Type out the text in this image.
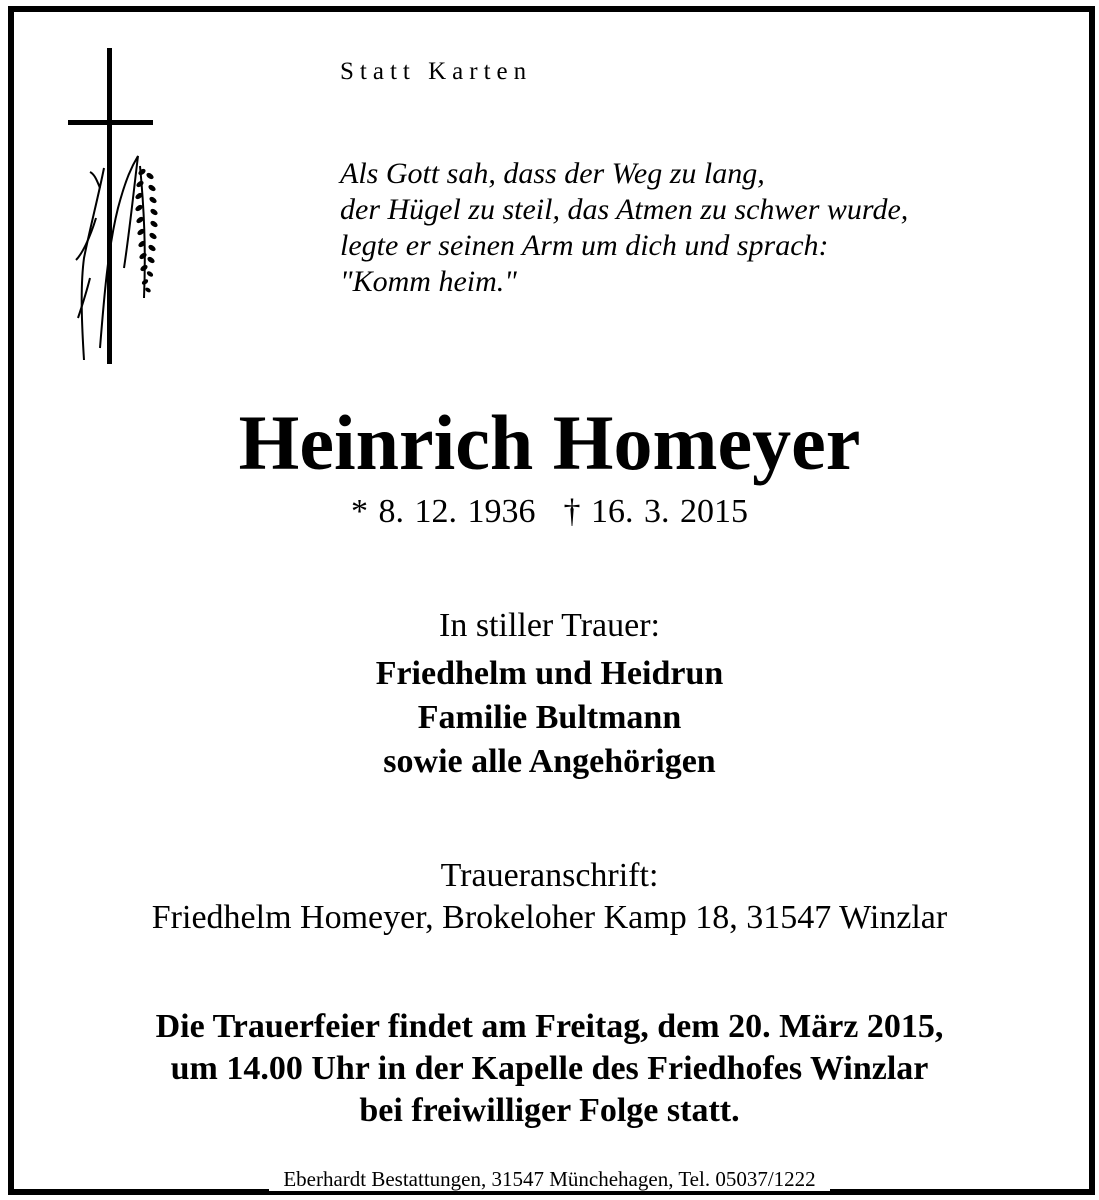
Eberhardt Bestattungen, 31547 Münchehagen, Tel. 05037/1222
Statt Karten
Als Gott sah, dass der Weg zu lang,
der Hügel zu steil, das Atmen zu schwer wurde,
legte er seinen Arm um dich und sprach:
"Komm heim."
Heinrich Homeyer
* 8. 12. 1936 † 16. 3. 2015
In stiller Trauer:
Friedhelm und Heidrun
Familie Bultmann
sowie alle Angehörigen
Traueranschrift:
Friedhelm Homeyer, Brokeloher Kamp 18, 31547 Winzlar
Die Trauerfeier findet am Freitag, dem 20. März 2015,
um 14.00 Uhr in der Kapelle des Friedhofes Winzlar
bei freiwilliger Folge statt.
